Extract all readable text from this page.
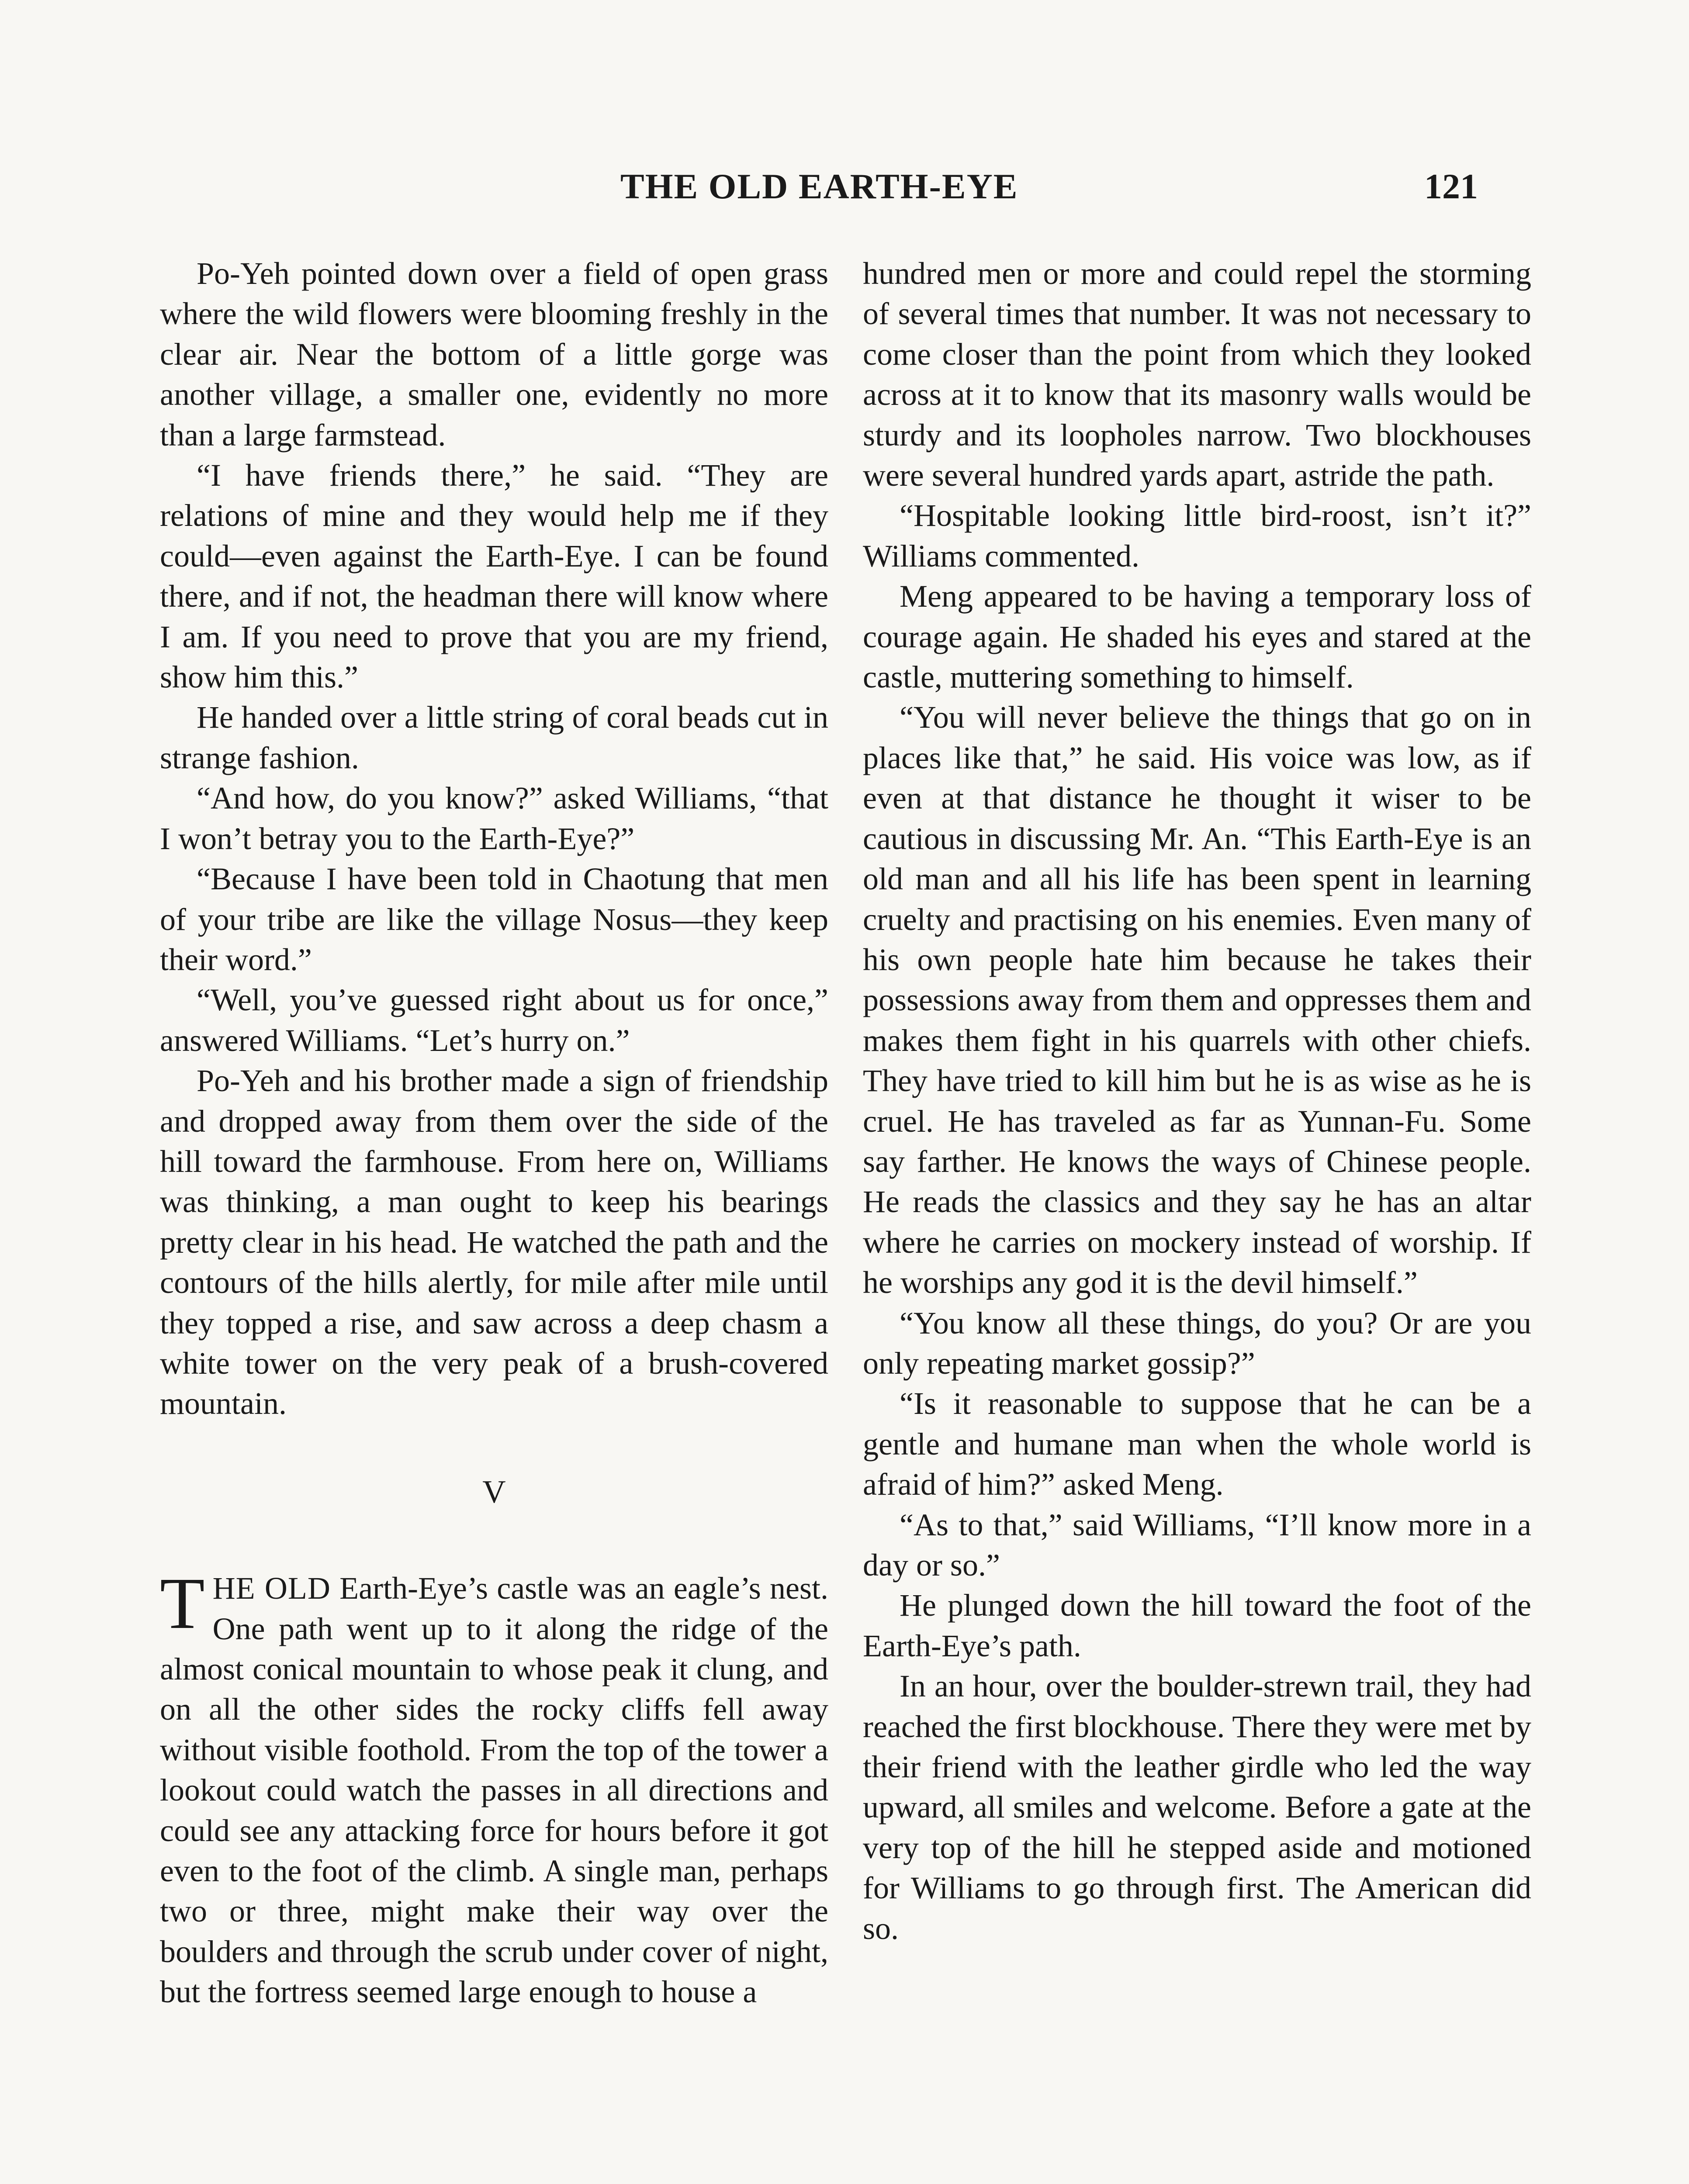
THE OLD EARTH-EYE	121

Po-Yeh pointed down over a field of open grass where the wild flowers were blooming freshly in the clear air. Near the bottom of a little gorge was another village, a smaller one, evidently no more than a large farmstead.

“I have friends there,” he said. “They are relations of mine and they would help me if they could—even against the Earth-Eye. I can be found there, and if not, the headman there will know where I am. If you need to prove that you are my friend, show him this.”

He handed over a little string of coral beads cut in strange fashion.

“And how, do you know?” asked Williams, “that I won’t betray you to the Earth-Eye?”

“Because I have been told in Chaotung that men of your tribe are like the village Nosus—they keep their word.”

“Well, you’ve guessed right about us for once,” answered Williams. “Let’s hurry on.”

Po-Yeh and his brother made a sign of friendship and dropped away from them over the side of the hill toward the farmhouse. From here on, Williams was thinking, a man ought to keep his bearings pretty clear in his head. He watched the path and the contours of the hills alertly, for mile after mile until they topped a rise, and saw across a deep chasm a white tower on the very peak of a brush-covered mountain.

V

THE OLD Earth-Eye’s castle was an eagle’s nest. One path went up to it along the ridge of the almost conical mountain to whose peak it clung, and on all the other sides the rocky cliffs fell away without visible foothold. From the top of the tower a lookout could watch the passes in all directions and could see any attacking force for hours before it got even to the foot of the climb. A single man, perhaps two or three, might make their way over the boulders and through the scrub under cover of night, but the fortress seemed large enough to house a

hundred men or more and could repel the storming of several times that number. It was not necessary to come closer than the point from which they looked across at it to know that its masonry walls would be sturdy and its loopholes narrow. Two blockhouses were several hundred yards apart, astride the path.

“Hospitable looking little bird-roost, isn’t it?” Williams commented.

Meng appeared to be having a temporary loss of courage again. He shaded his eyes and stared at the castle, muttering something to himself.

“You will never believe the things that go on in places like that,” he said. His voice was low, as if even at that distance he thought it wiser to be cautious in discussing Mr. An. “This Earth-Eye is an old man and all his life has been spent in learning cruelty and practising on his enemies. Even many of his own people hate him because he takes their possessions away from them and oppresses them and makes them fight in his quarrels with other chiefs. They have tried to kill him but he is as wise as he is cruel. He has traveled as far as Yunnan-Fu. Some say farther. He knows the ways of Chinese people. He reads the classics and they say he has an altar where he carries on mockery instead of worship. If he worships any god it is the devil himself.”

“You know all these things, do you? Or are you only repeating market gossip?”

“Is it reasonable to suppose that he can be a gentle and humane man when the whole world is afraid of him?” asked Meng.

“As to that,” said Williams, “I’ll know more in a day or so.”

He plunged down the hill toward the foot of the Earth-Eye’s path.

In an hour, over the boulder-strewn trail, they had reached the first blockhouse. There they were met by their friend with the leather girdle who led the way upward, all smiles and welcome. Before a gate at the very top of the hill he stepped aside and motioned for Williams to go through first. The American did so.
